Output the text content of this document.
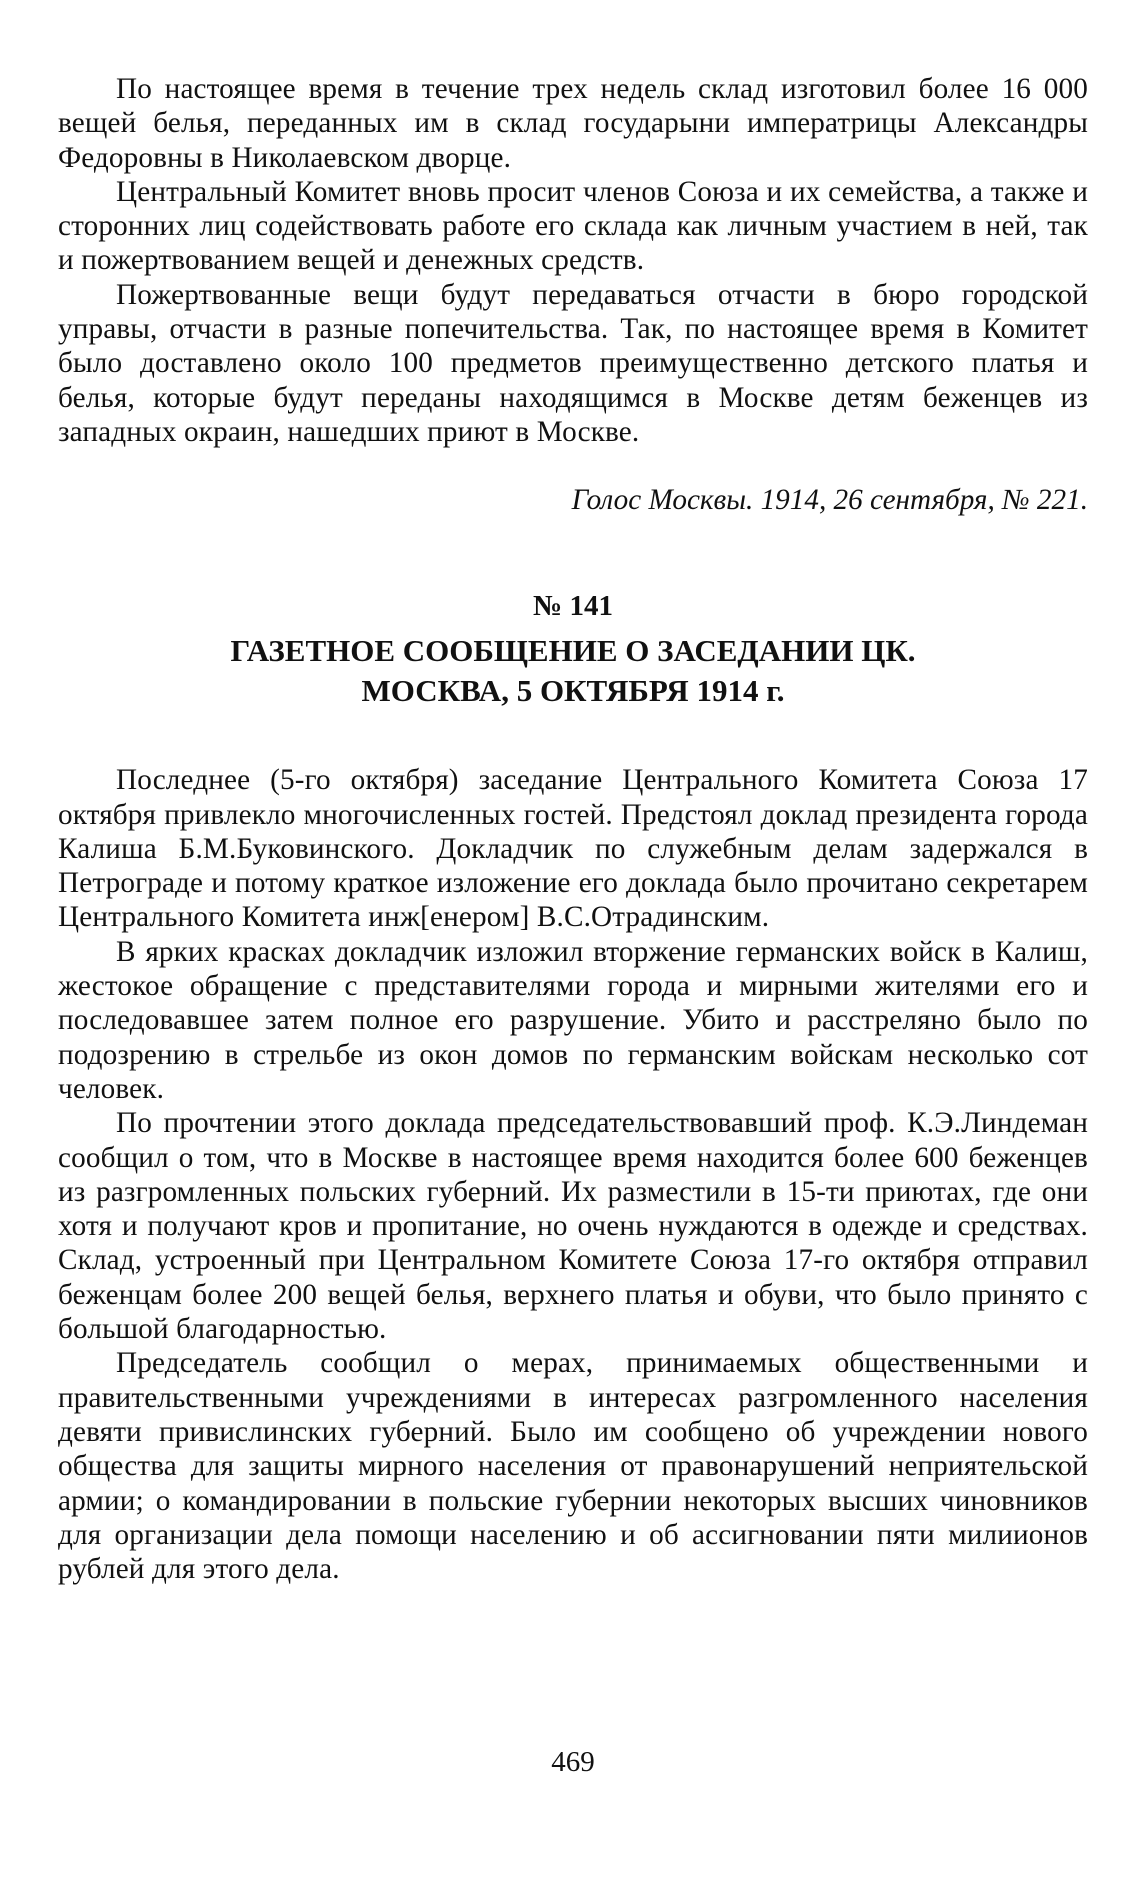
По настоящее время в течение трех недель склад изготовил более 16 000 вещей белья, переданных им в склад государыни императрицы Александры Федоровны в Николаевском дворце.

Центральный Комитет вновь просит членов Союза и их семейства, а также и сторонних лиц содействовать работе его склада как личным участием в ней, так и пожертвованием вещей и денежных средств.

Пожертвованные вещи будут передаваться отчасти в бюро городской управы, отчасти в разные попечительства. Так, по настоящее время в Комитет было доставлено около 100 предметов преимущественно детского платья и белья, которые будут переданы находящимся в Москве детям беженцев из западных окраин, нашедших приют в Москве.

Голос Москвы. 1914, 26 сентября, № 221.

№ 141

ГАЗЕТНОЕ СООБЩЕНИЕ О ЗАСЕДАНИИ ЦК.
МОСКВА, 5 ОКТЯБРЯ 1914 г.

Последнее (5-го октября) заседание Центрального Комитета Союза 17 октября привлекло многочисленных гостей. Предстоял доклад президента города Калиша Б.М.Буковинского. Докладчик по служебным делам задержался в Петрограде и потому краткое изложение его доклада было прочитано секретарем Центрального Комитета инж[енером] В.С.Отрадинским.

В ярких красках докладчик изложил вторжение германских войск в Калиш, жестокое обращение с представителями города и мирными жителями его и последовавшее затем полное его разрушение. Убито и расстреляно было по подозрению в стрельбе из окон домов по германским войскам несколько сот человек.

По прочтении этого доклада председательствовавший проф. К.Э.Линдеман сообщил о том, что в Москве в настоящее время находится более 600 беженцев из разгромленных польских губерний. Их разместили в 15-ти приютах, где они хотя и получают кров и пропитание, но очень нуждаются в одежде и средствах. Склад, устроенный при Центральном Комитете Союза 17-го октября отправил беженцам более 200 вещей белья, верхнего платья и обуви, что было принято с большой благодарностью.

Председатель сообщил о мерах, принимаемых общественными и правительственными учреждениями в интересах разгромленного населения девяти привислинских губерний. Было им сообщено об учреждении нового общества для защиты мирного населения от правонарушений неприятельской армии; о командировании в польские губернии некоторых высших чиновников для организации дела помощи населению и об ассигновании пяти милиионов рублей для этого дела.

469
